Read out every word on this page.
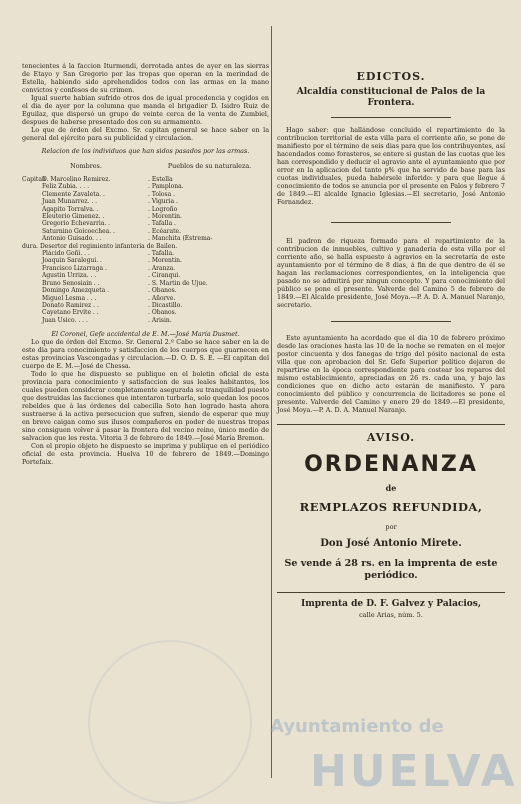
tenecientes á la faccion Iturmendi, derrotada antes de ayer en las sierras de Etayo y San Gregorio por las tropas que operan en la merindad de Estella, habiendo sido aprehendidos todos con las armas en la mano convictos y confesos de su crimen.

Igual suerte habian sufrido otros dos de igual procedencia y cogidos en el dia de ayer por la columna que manda el brigadier D. Isidro Ruiz de Eguilaz, que dispersó un grupo de veinte cerca de la venta de Zumbiel, despues de haberse presentado dos con su armamento.

Lo que de órden del Excmo. Sr. capitan general se hace saber en la general del ejército para su publicidad y circulacion.

Relacion de los individuos que han sidos pasados por las armas.

Nombres.	Pueblos de su naturaleza.
Capitan
D. Marcelino Remirez.	. Estella
Feliz Zubia. . . .	. Pamplona.
Clemente Zavaleta. .	. Tolosa .
Juan Munarrez. . .	. Viguria .
Agapito Torralva. .	. Logroño
Eleuterio Gimenez. .	. Morentin.
Gregorio Echevarria. .	. Tafalla .
Saturnino Goicoechea. .	. Ecéarate.
Antonio Guisado. . .	. Manchita (Estrema-
dura. Desertor del regimiento infanteria de Bailen.
Plácido Goñi. . .	. Tafalla.
Joaquin Saralegui. .	. Morentin.
Francisco Lizarraga .	. Aranza.
Agustin Urriza. . .	. Ciranqui.
Bruno Senosiain . .	. S. Martin de Ujue.
Domingo Amezqueta .	. Obanos.
Miguel Lesma . . .	. Añorve.
Donato Ramirez . .	. Dicastillo.
Cayetano Ervite . .	. Obanos.
Juan Usico. . . .	. Arisin.

El Coronel, Gefe accidental de E. M.—José María Dusmet.

Lo que de órden del Excmo. Sr. General 2.º Cabo se hace saber en la de este dia para conocimiento y satisfaccion de los cuerpos que guarnecen en estas provincias Vascongadas y circulacion.—D. O. D. S. E. —El capitan del cuerpo de E. M.—José de Chessa.

Todo lo que he dispuesto se publique en el boletin oficial de esta provincia para conocimiento y satisfaccion de sus leales habitantes, los cuales pueden considerar completamente asegurada su tranquilidad puesto que destruidas las facciones que intentaron turbarla, solo quedan los pocos rebeldes que á las órdenes del cabecilla Soto han logrado hasta ahora sustraerse á la activa persecucion que sufren, siendo de esperar que muy en breve caigan como sus ilusos compañeros en poder de nuestras tropas sino consiguen volver á pasar la frontera del vecino reino, único medio de salvacion que les resta. Vitoria 3 de febrero de 1849.—José María Bremon.

Con el propio objeto he dispuesto se imprima y publique en el periódico oficial de esta provincia. Huelva 10 de febrero de 1849.—Domingo Portefaix.

EDICTOS.
Alcaldía constitucional de Palos de la Frontera.

Hago saber: que hallándose concluido el repartimiento de la contribucion territorial de esta villa para el corriente año, se pone de manifiesto por el término de seis dias para que los contribuyentes, así hacendados como forasteros, se entere si gustan de las cuotas que les han correspondido y deducir el agravio ante el ayuntamiento que por error en la aplicacion del tanto p% que ha servido de base para las cuotas individuales, pueda habérsele inferido: y para que llegue á conocimiento de todos se anuncia por el presente en Palos y febrero 7 de 1849.—El alcalde Ignacio Iglesias.—El secretario, José Antonio Fernandez.

El padron de riqueza formado para el repartimiento de la contribucion de inmuebles, cultivo y ganaderia de esta villa por el corriente año, se halla espuesto á agravios en la secretaría de este ayuntamiento por el término de 8 dias, á fin de que dentro de él se hagan las reclamaciones correspondientes, en la inteligencia que pasado no se admitirá por ningun concepto. Y para conocimiento del público se pone el presente. Valverde del Camino 5 de febrero de 1849.—El Alcalde presidente, José Moya.—P. A. D. A. Manuel Naranjo, secretario.

Este ayuntamiento ha acordado que el dia 10 de febrero próximo desde las oraciones hasta las 10 de la noche se rematen en el mejor postor cincuenta y dos fanegas de trigo del pósito nacional de esta villa que con aprobacion del Sr. Gefe Superior político dejaron de repartirse en la época correspondiente para costear los reparos del mismo establecimiento, apreciadas en 26 rs. cada una, y bajo las condiciones que en dicho acto estarán de manifiesto. Y para conocimiento del público y concurrencia de licitadores se pone el presente. Valverde del Camino y enero 29 de 1849.—El presidente, José Moya.—P. A. D. A. Manuel Naranjo.

AVISO.
ORDENANZA
de
REMPLAZOS REFUNDIDA,
por
Don José Antonio Mirete.
Se vende á 28 rs. en la imprenta de este periódico.
Imprenta de D. F. Galvez y Palacios,
calle Arias, núm. 5.
Ayuntamiento de
HUELVA
